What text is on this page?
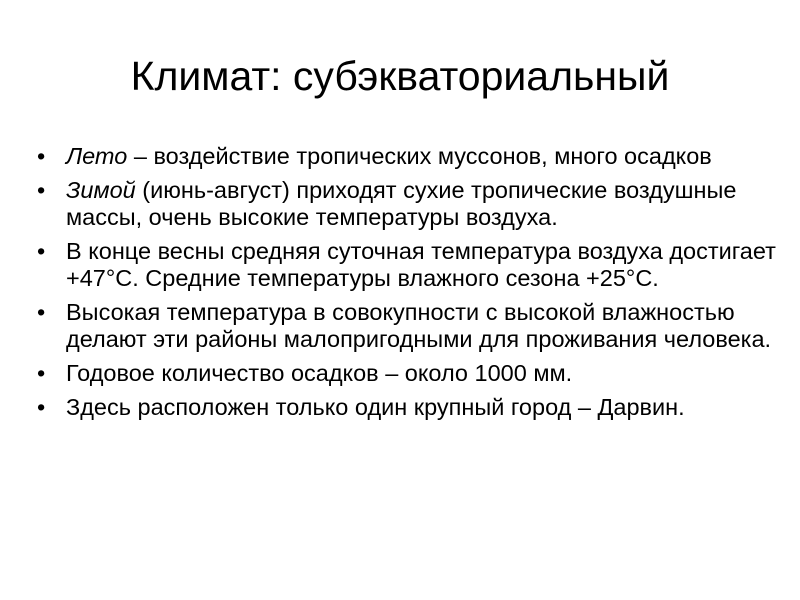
Климат: субэкваториальный
• Лето – воздействие тропических муссонов, много осадков
• Зимой (июнь-август) приходят сухие тропические воздушные массы, очень высокие температуры воздуха.
• В конце весны средняя суточная температура воздуха достигает +47°C. Средние температуры влажного сезона +25°C.
• Высокая температура в совокупности с высокой влажностью делают эти районы малопригодными для проживания человека.
• Годовое количество осадков – около 1000 мм.
• Здесь расположен только один крупный город – Дарвин.
